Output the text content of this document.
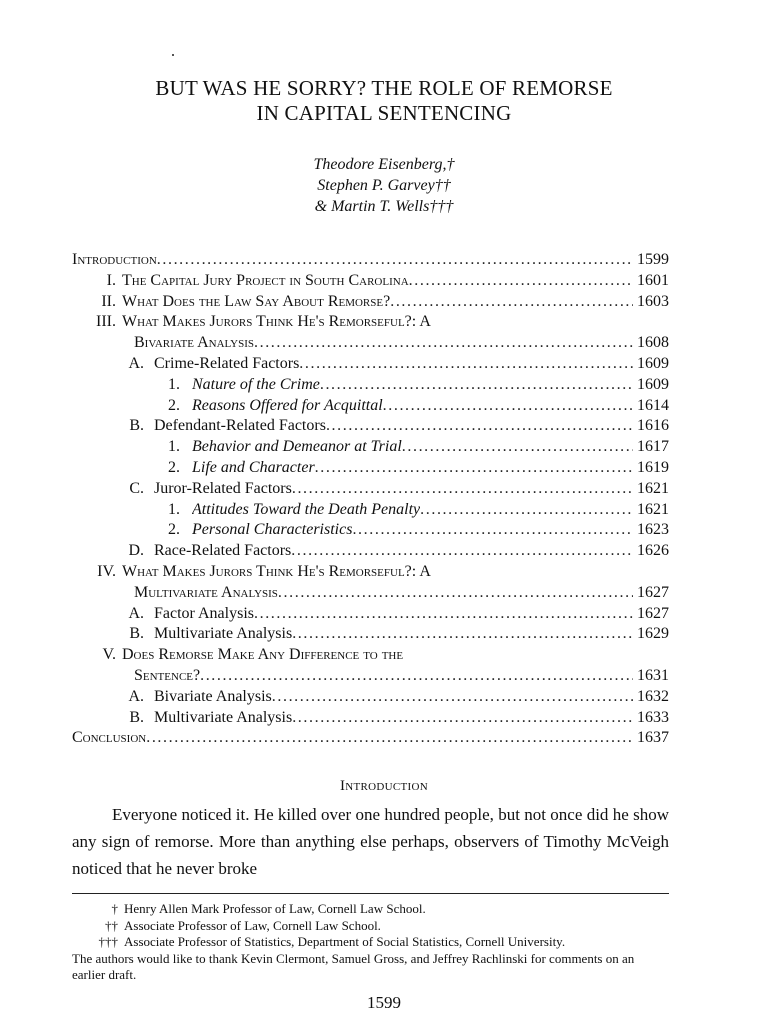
BUT WAS HE SORRY? THE ROLE OF REMORSE
IN CAPITAL SENTENCING
Theodore Eisenberg,†
Stephen P. Garvey††
& Martin T. Wells†††
Introduction . . .	1599
I. The Capital Jury Project in South Carolina . . .	1601
II. What Does the Law Say About Remorse? . . .	1603
III. What Makes Jurors Think He's Remorseful?: A
Bivariate Analysis . . .	1608
A. Crime-Related Factors . . .	1609
1. Nature of the Crime . . .	1609
2. Reasons Offered for Acquittal . . .	1614
B. Defendant-Related Factors . . .	1616
1. Behavior and Demeanor at Trial . . .	1617
2. Life and Character . . .	1619
C. Juror-Related Factors . . .	1621
1. Attitudes Toward the Death Penalty . . .	1621
2. Personal Characteristics . . .	1623
D. Race-Related Factors . . .	1626
IV. What Makes Jurors Think He's Remorseful?: A
Multivariate Analysis . . .	1627
A. Factor Analysis . . .	1627
B. Multivariate Analysis . . .	1629
V. Does Remorse Make Any Difference to the
Sentence? . . .	1631
A. Bivariate Analysis . . .	1632
B. Multivariate Analysis . . .	1633
Conclusion . . .	1637
Introduction

Everyone noticed it. He killed over one hundred people, but not once did he show any sign of remorse. More than anything else perhaps, observers of Timothy McVeigh noticed that he never broke

† Henry Allen Mark Professor of Law, Cornell Law School.
†† Associate Professor of Law, Cornell Law School.
††† Associate Professor of Statistics, Department of Social Statistics, Cornell University.

The authors would like to thank Kevin Clermont, Samuel Gross, and Jeffrey Rachlinski for comments on an earlier draft.

1599
